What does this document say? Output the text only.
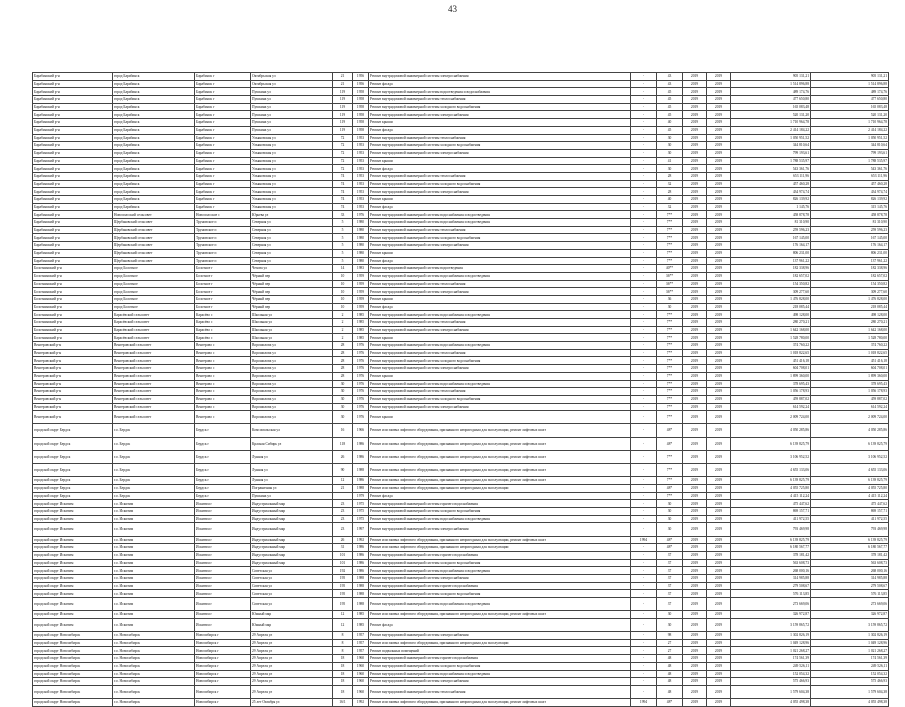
43
Барабинский р-н	город Барабинск	Барабинск г	Октябрьская ул	21	1956	Ремонт внутридомовой инженерной системы электроснабжения	-	43	2019	2019	905 131,21	905 131,21
Барабинский р-н	город Барабинск	Барабинск г	Октябрьская ул	21	1956	Ремонт фасада	-	43	2019	2019	1 514 896,88	1 514 896,88
Барабинский р-н	город Барабинск	Барабинск г	Пушкина ул	119	1958	Ремонт внутридомовой инженерной системы водоотведения и водоснабжения	-	45	2019	2019	489 174,76	489 174,76
Барабинский р-н	город Барабинск	Барабинск г	Пушкина ул	119	1958	Ремонт внутридомовой инженерной системы теплоснабжения	-	45	2019	2019	477 650,80	477 650,80
Барабинский р-н	город Барабинск	Барабинск г	Пушкина ул	119	1958	Ремонт внутридомовой инженерной системы холодного водоснабжения	-	45	2019	2019	165 083,48	165 083,48
Барабинский р-н	город Барабинск	Барабинск г	Пушкина ул	119	1958	Ремонт внутридомовой инженерной системы электроснабжения	-	45	2019	2019	520 131,20	520 131,20
Барабинский р-н	город Барабинск	Барабинск г	Пушкина ул	119	1958	Ремонт крыши	-	40	2019	2019	1 710 964,78	1 710 964,78
Барабинский р-н	город Барабинск	Барабинск г	Пушкина ул	119	1958	Ремонт фасада	-	45	2019	2019	2 414 184,22	2 414 184,22
Барабинский р-н	город Барабинск	Барабинск г	Ульяновская ул	72	1953	Ремонт внутридомовой инженерной системы теплоснабжения	-	30	2019	2019	1 050 951,52	1 050 951,52
Барабинский р-н	город Барабинск	Барабинск г	Ульяновская ул	72	1953	Ремонт внутридомовой инженерной системы холодного водоснабжения	-	30	2019	2019	344 810,64	344 810,64
Барабинский р-н	город Барабинск	Барабинск г	Ульяновская ул	72	1953	Ремонт внутридомовой инженерной системы электроснабжения	-	30	2019	2019	799 193,61	799 193,61
Барабинский р-н	город Барабинск	Барабинск г	Ульяновская ул	72	1953	Ремонт крыши	-	41	2019	2019	1 788 535,97	1 788 535,97
Барабинский р-н	город Барабинск	Барабинск г	Ульяновская ул	72	1953	Ремонт фасада	-	30	2019	2019	543 361,76	543 361,76
Барабинский р-н	город Барабинск	Барабинск г	Ульяновская ул	74	1953	Ремонт внутридомовой инженерной системы теплоснабжения	-	28	2019	2019	653 111,96	653 111,96
Барабинский р-н	город Барабинск	Барабинск г	Ульяновская ул	74	1953	Ремонт внутридомовой инженерной системы холодного водоснабжения	-	32	2019	2019	457 460,28	457 460,28
Барабинский р-н	город Барабинск	Барабинск г	Ульяновская ул	74	1953	Ремонт внутридомовой инженерной системы электроснабжения	-	28	2019	2019	434 974,74	434 974,74
Барабинский р-н	город Барабинск	Барабинск г	Ульяновская ул	74	1953	Ремонт крыши	-	40	2019	2019	826 139,92	826 139,92
Барабинский р-н	город Барабинск	Барабинск г	Ульяновская ул	74	1953	Ремонт фасада	-	32	2019	2019	1 145,76	315 145,76
Барабинский р-н	Новоспасский сельсовет	Новоспасское с	Юрьева ул	33	1976	Ремонт внутридомовой инженерной системы водоснабжения и водоотведения	-	7**	2019	2019	458 878,78	458 878,78
Барабинский р-н	Щербаковский сельсовет	Труновское п	Северная ул	5	1980	Ремонт внутридомовой инженерной системы водоснабжения и водоотведения	-	7**	2019	2019	81 310,90	81 310,90
Барабинский р-н	Щербаковский сельсовет	Труновское п	Северная ул	5	1980	Ремонт внутридомовой инженерной системы теплоснабжения	-	7**	2019	2019	259 596,23	259 596,23
Барабинский р-н	Щербаковский сельсовет	Труновское п	Северная ул	5	1980	Ремонт внутридомовой инженерной системы холодного водоснабжения	-	7**	2019	2019	167 145,00	167 145,00
Барабинский р-н	Щербаковский сельсовет	Труновское п	Северная ул	5	1980	Ремонт внутридомовой инженерной системы электроснабжения	-	7**	2019	2019	176 164,17	176 164,17
Барабинский р-н	Щербаковский сельсовет	Труновское п	Северная ул	5	1980	Ремонт крыши	-	7**	2019	2019	806 231,00	806 231,00
Барабинский р-н	Щербаковский сельсовет	Труновское п	Северная ул	5	1980	Ремонт фасада	-	7**	2019	2019	137 961,22	137 961,22
Болотнинский р-н	город Болотное	Болотное г	Чехова ул	14	1983	Ремонт внутридомовой инженерной системы водоотведения	-	40**	2019	2019	182 338,96	182 338,96
Болотнинский р-н	город Болотное	Болотное г	Чёрный пер	10	1959	Ремонт внутридомовой инженерной системы водоснабжения и водоотведения	-	36**	2019	2019	182 657,02	182 657,02
Болотнинский р-н	город Болотное	Болотное г	Чёрный пер	10	1959	Ремонт внутридомовой инженерной системы теплоснабжения	-	36**	2019	2019	154 350,82	154 350,82
Болотнинский р-н	город Болотное	Болотное г	Чёрный пер	10	1959	Ремонт внутридомовой инженерной системы электроснабжения	-	36**	2019	2019	309 277,60	309 277,60
Болотнинский р-н	город Болотное	Болотное г	Чёрный пер	10	1959	Ремонт крыши	-	36	2019	2019	1 476 828,00	1 476 828,00
Болотнинский р-н	город Болотное	Болотное г	Чёрный пер	10	1959	Ремонт фасада	-	30	2019	2019	218 085,44	218 085,44
Болотнинский р-н	Карасёвский сельсовет	Карасёво с	Школьная ул	2	1985	Ремонт внутридомовой инженерной системы водоснабжения и водоотведения	-	7**	2019	2019	498 128,00	498 128,00
Болотнинский р-н	Карасёвский сельсовет	Карасёво с	Школьная ул	2	1985	Ремонт внутридомовой инженерной системы теплоснабжения	-	7**	2019	2019	280 270,21	280 270,21
Болотнинский р-н	Карасёвский сельсовет	Карасёво с	Школьная ул	2	1985	Ремонт внутридомовой инженерной системы электроснабжения	-	7**	2019	2019	1 642 168,00	1 642 168,00
Болотнинский р-н	Карасёвский сельсовет	Карасёво с	Школьная ул	2	1985	Ремонт крыши	-	7**	2019	2019	1 528 780,00	1 528 780,00
Венгеровский р-н	Венгеровский сельсовет	Венгерово с	Ворошилова ул	28	1976	Ремонт внутридомовой инженерной системы водоснабжения и водоотведения	-	7**	2019	2019	374 760,22	374 760,22
Венгеровский р-н	Венгеровский сельсовет	Венгерово с	Ворошилова ул	28	1976	Ремонт внутридомовой инженерной системы теплоснабжения	-	7**	2019	2019	1 018 822,65	1 018 822,65
Венгеровский р-н	Венгеровский сельсовет	Венгерово с	Ворошилова ул	28	1976	Ремонт внутридомовой инженерной системы холодного водоснабжения	-	7**	2019	2019	451 416,18	451 416,18
Венгеровский р-н	Венгеровский сельсовет	Венгерово с	Ворошилова ул	28	1976	Ремонт внутридомовой инженерной системы электроснабжения	-	7**	2019	2019	604 708,01	604 708,01
Венгеровский р-н	Венгеровский сельсовет	Венгерово с	Ворошилова ул	28	1976	Ремонт крыши	-	7**	2019	2019	1 899 360,00	1 899 360,00
Венгеровский р-н	Венгеровский сельсовет	Венгерово с	Ворошилова ул	30	1976	Ремонт внутридомовой инженерной системы водоснабжения и водоотведения	-	7**	2019	2019	378 695,43	378 695,43
Венгеровский р-н	Венгеровский сельсовет	Венгерово с	Ворошилова ул	30	1976	Ремонт внутридомовой инженерной системы теплоснабжения	-	7**	2019	2019	1 056 178,93	1 056 178,93
Венгеровский р-н	Венгеровский сельсовет	Венгерово с	Ворошилова ул	30	1976	Ремонт внутридомовой инженерной системы холодного водоснабжения	-	7**	2019	2019	459 887,02	459 887,02
Венгеровский р-н	Венгеровский сельсовет	Венгерово с	Ворошилова ул	30	1976	Ремонт внутридомовой инженерной системы электроснабжения	-	7**	2019	2019	614 592,24	614 592,24
Венгеровский р-н	Венгеровский сельсовет	Венгерово с	Ворошилова ул	30	1976	Ремонт крыши	-	7**	2019	2019	2 009 724,00	2 009 724,00
городской округ Бердск	г.о. Бердск	Бердск г	Комсомольская ул	16	1966	Ремонт или замена лифтового оборудования, признанного непригодным для эксплуатации, ремонт лифтовых шахт	-	48*	2019	2019	4 050 285,86	4 050 285,86
городской округ Бердск	г.о. Бердск	Бердск г	Красная Сибирь ул	118	1986	Ремонт или замена лифтового оборудования, признанного непригодным для эксплуатации, ремонт лифтовых шахт	-	48*	2019	2019	6 139 825,79	6 139 825,79
городской округ Бердск	г.о. Бердск	Бердск г	Лунная ул	26	1986	Ремонт или замена лифтового оборудования, признанного непригодным для эксплуатации, ремонт лифтовых шахт	-	7**	2019	2019	3 106 952,52	3 106 952,52
городской округ Бердск	г.о. Бердск	Бердск г	Лунная ул	90	1988	Ремонт или замена лифтового оборудования, признанного непригодным для эксплуатации, ремонт лифтовых шахт	-	7**	2019	2019	4 655 133,06	4 655 133,06
городской округ Бердск	г.о. Бердск	Бердск г	Лунная ул	12	1986	Ремонт или замена лифтового оборудования, признанного непригодным для эксплуатации, ремонт лифтовых шахт	-	7**	2019	2019	6 139 825,79	6 139 825,79
городской округ Бердск	г.о. Бердск	Бердск г	Пограничная ул	21	1988	Ремонт или замена лифтового оборудования, признанного непригодным для эксплуатации	-	48*	2019	2019	4 055 725,80	4 055 725,80
городской округ Бердск	г.о. Бердск	Бердск г	Пушкина ул		1979	Ремонт фасада	-	7**	2019	2019	4 415 112,24	4 415 112,24
городской округ Искитим	г.о. Искитим	Искитим г	Индустриальный мкр	23	1975	Ремонт внутридомовой инженерной системы горячего водоснабжения	-	30	2019	2019	475 447,62	475 447,62
городской округ Искитим	г.о. Искитим	Искитим г	Индустриальный мкр	23	1975	Ремонт внутридомовой инженерной системы холодного водоснабжения	-	30	2019	2019	869 157,71	869 157,71
городской округ Искитим	г.о. Искитим	Искитим г	Индустриальный мкр	23	1975	Ремонт внутридомовой инженерной системы водоснабжения и водоотведения	-	30	2019	2019	411 972,55	411 972,55
городской округ Искитим	г.о. Искитим	Искитим г	Индустриальный мкр	23	1997	Ремонт внутридомовой инженерной системы электроснабжения	-	30	2019	2019	793 469,98	793 469,98
городской округ Искитим	г.о. Искитим	Искитим г	Индустриальный мкр	26	1992	Ремонт или замена лифтового оборудования, признанного непригодным для эксплуатации, ремонт лифтовых шахт	1994	48*	2019	2019	6 139 825,79	6 139 825,79
городской округ Искитим	г.о. Искитим	Искитим г	Индустриальный мкр	31	1986	Ремонт или замена лифтового оборудования, признанного непригодным для эксплуатации	-	48*	2019	2019	6 180 567,77	6 180 567,77
городской округ Искитим	г.о. Искитим	Искитим г	Индустриальный мкр	101	1986	Ремонт внутридомовой инженерной системы горячего водоснабжения	-	37	2019	2019	378 181,42	378 181,42
городской округ Искитим	г.о. Искитим	Искитим г	Индустриальный мкр	101	1986	Ремонт внутридомовой инженерной системы холодного водоснабжения	-	37	2019	2019	563 608,73	563 608,73
городской округ Искитим	г.о. Искитим	Искитим г	Советская ул	192	1986	Ремонт внутридомовой инженерной системы водоснабжения и водоотведения	-	37	2019	2019	268 000,16	268 000,16
городской округ Искитим	г.о. Искитим	Искитим г	Советская ул	195	1988	Ремонт внутридомовой инженерной системы электроснабжения	-	37	2019	2019	314 985,88	314 985,88
городской округ Искитим	г.о. Искитим	Искитим г	Советская ул	195	1988	Ремонт внутридомовой инженерной системы горячего водоснабжения	-	37	2019	2019	279 508,67	279 508,67
городской округ Искитим	г.о. Искитим	Искитим г	Советская ул	195	1988	Ремонт внутридомовой инженерной системы холодного водоснабжения	-	37	2019	2019	576 113,85	576 113,85
городской округ Искитим	г.о. Искитим	Искитим г	Советская ул	195	1988	Ремонт внутридомовой инженерной системы водоснабжения и водоотведения	-	37	2019	2019	273 669,06	273 669,06
городской округ Искитим	г.о. Искитим	Искитим г	Южный мкр	12	1985	Ремонт или замена лифтового оборудования, признанного непригодным для эксплуатации, ремонт лифтовых шахт	-	30	2019	2019	326 972,87	326 972,87
городской округ Искитим	г.о. Искитим	Искитим г	Южный мкр	12	1985	Ремонт фасада	-	30	2019	2019	3 159 865,72	3 159 865,72
городской округ Новосибирск	г.о. Новосибирск	Новосибирск г	29 Апреля ул	8	1957	Ремонт внутридомовой инженерной системы электроснабжения	-	98	2019	2019	1 302 826,19	1 302 826,19
городской округ Новосибирск	г.о. Новосибирск	Новосибирск г	29 Апреля ул	8	1957	Ремонт или замена лифтового оборудования, признанного непригодным для эксплуатации	-	27	2019	2019	1 049 128,96	1 049 128,96
городской округ Новосибирск	г.о. Новосибирск	Новосибирск г	29 Апреля ул	8	1957	Ремонт подвальных помещений	-	27	2019	2019	1 021 268,27	1 021 268,27
городской округ Новосибирск	г.о. Новосибирск	Новосибирск г	29 Апреля ул	18	1960	Ремонт внутридомовой инженерной системы горячего водоснабжения	-	48	2019	2019	174 561,39	174 561,39
городской округ Новосибирск	г.о. Новосибирск	Новосибирск г	29 Апреля ул	18	1960	Ремонт внутридомовой инженерной системы холодного водоснабжения	-	48	2019	2019	249 526,11	249 526,11
городской округ Новосибирск	г.о. Новосибирск	Новосибирск г	29 Апреля ул	18	1960	Ремонт внутридомовой инженерной системы водоснабжения и водоотведения	-	48	2019	2019	152 054,32	152 054,32
городской округ Новосибирск	г.о. Новосибирск	Новосибирск г	29 Апреля ул	18	1960	Ремонт внутридомовой инженерной системы электроснабжения	-	48	2019	2019	575 466,93	575 466,93
городской округ Новосибирск	г.о. Новосибирск	Новосибирск г	29 Апреля ул	18	1960	Ремонт внутридомовой инженерной системы теплоснабжения	-	48	2019	2019	1 579 604,38	1 579 604,38
городской округ Новосибирск	г.о. Новосибирск	Новосибирск г	25 лет Октября ул	16/1	1992	Ремонт или замена лифтового оборудования, признанного непригодным для эксплуатации, ремонт лифтовых шахт	1994	48*	2019	2019	4 055 498,38	4 055 498,38
